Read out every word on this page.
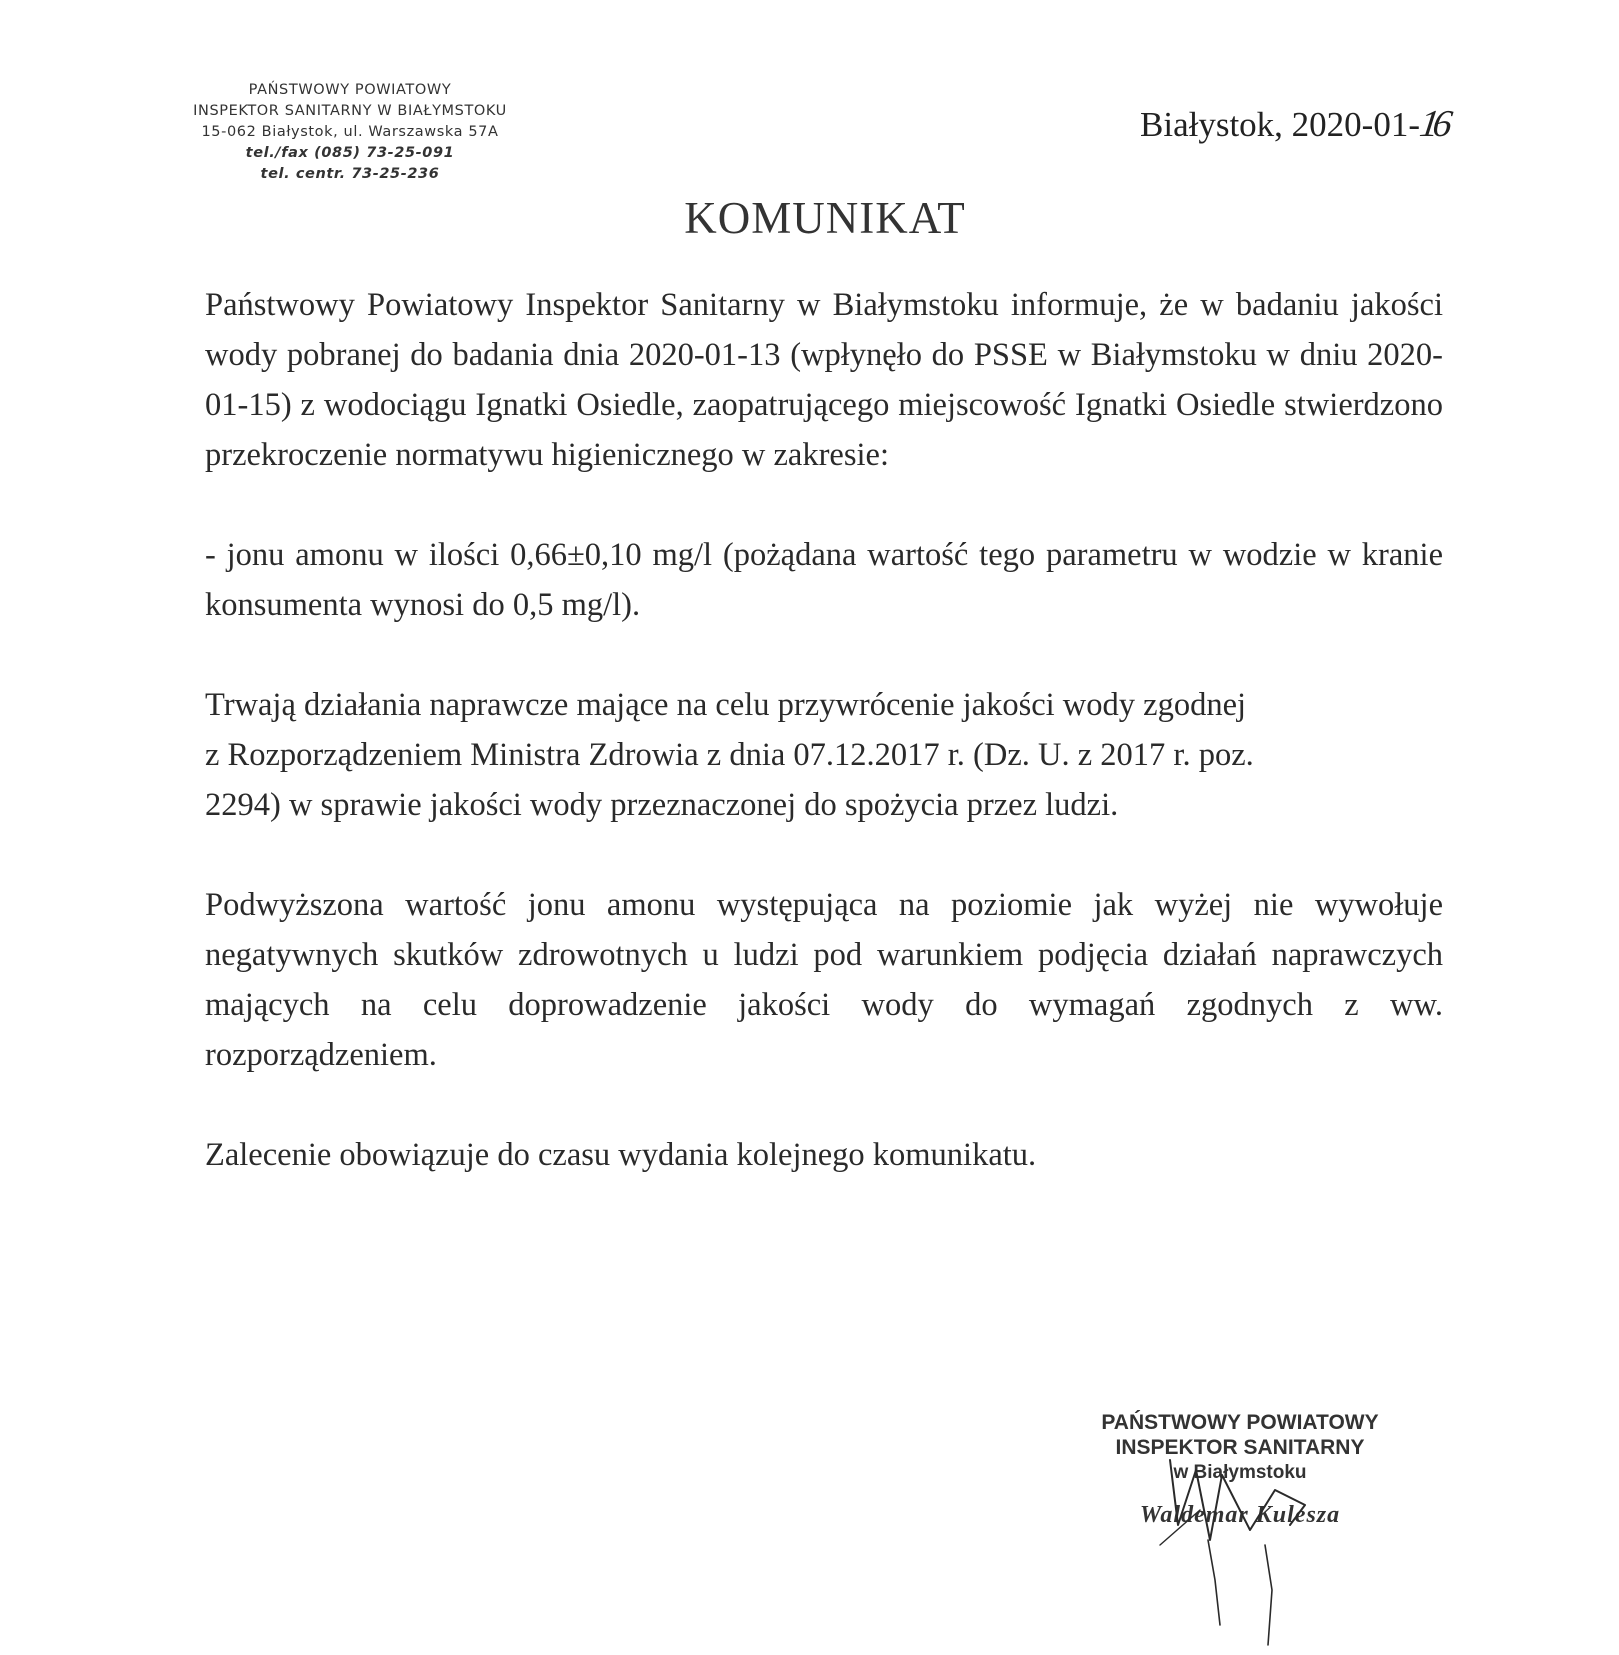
PAŃSTWOWY POWIATOWY
INSPEKTOR SANITARNY W BIAŁYMSTOKU
15-062 Białystok, ul. Warszawska 57A
tel./fax (085) 73-25-091
tel. centr. 73-25-236
Białystok, 2020-01-16
KOMUNIKAT

Państwowy Powiatowy Inspektor Sanitarny w Białymstoku informuje, że w badaniu jakości wody pobranej do badania dnia 2020-01-13 (wpłynęło do PSSE w Białymstoku w dniu 2020-01-15) z wodociągu Ignatki Osiedle, zaopatrującego miejscowość Ignatki Osiedle stwierdzono przekroczenie normatywu higienicznego w zakresie:

- jonu amonu w ilości 0,66±0,10 mg/l (pożądana wartość tego parametru w wodzie w kranie konsumenta wynosi do 0,5 mg/l).

Trwają działania naprawcze mające na celu przywrócenie jakości wody zgodnej
z Rozporządzeniem Ministra Zdrowia z dnia 07.12.2017 r. (Dz. U. z 2017 r. poz.
2294) w sprawie jakości wody przeznaczonej do spożycia przez ludzi.

Podwyższona wartość jonu amonu występująca na poziomie jak wyżej nie wywołuje negatywnych skutków zdrowotnych u ludzi pod warunkiem podjęcia działań naprawczych mających na celu doprowadzenie jakości wody do wymagań zgodnych z ww. rozporządzeniem.

Zalecenie obowiązuje do czasu wydania kolejnego komunikatu.

PAŃSTWOWY POWIATOWY
INSPEKTOR SANITARNY
w Białymstoku
Waldemar Kulesza
